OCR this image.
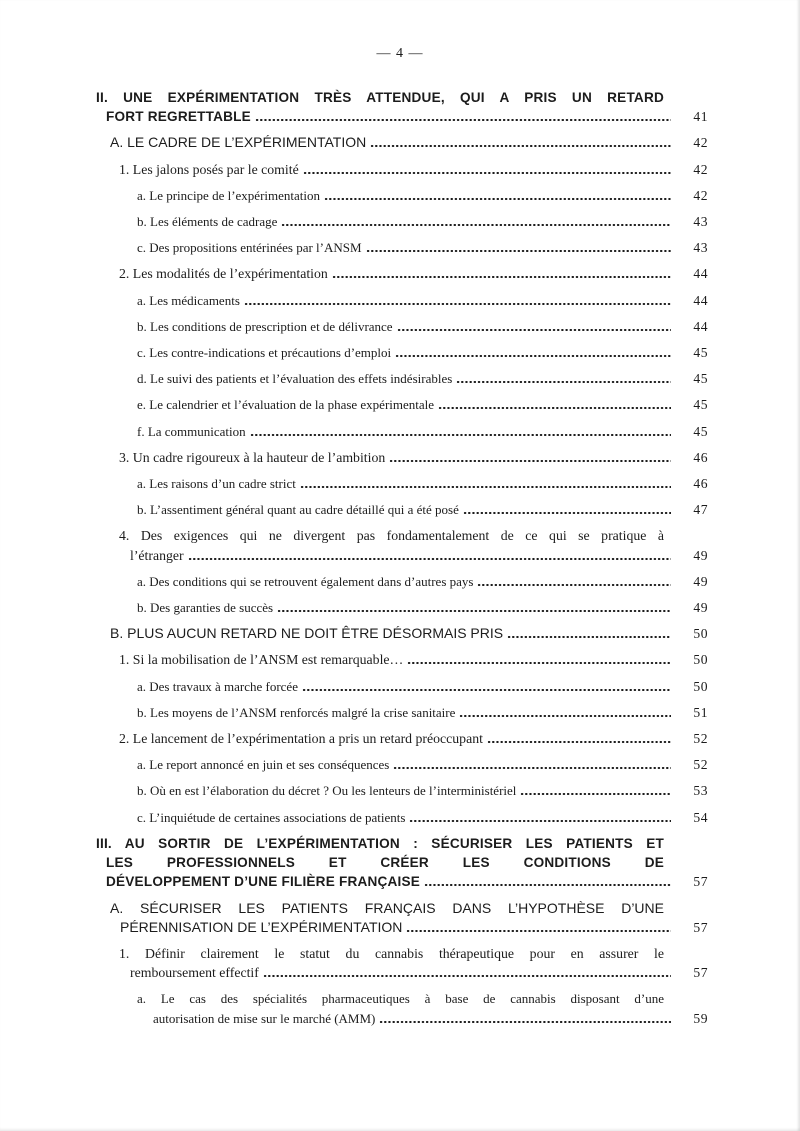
— 4 —
II. UNE EXPÉRIMENTATION TRÈS ATTENDUE, QUI A PRIS UN RETARD
FORT REGRETTABLE	41
A. LE CADRE DE L’EXPÉRIMENTATION	42
1. Les jalons posés par le comité	42
a. Le principe de l’expérimentation	42
b. Les éléments de cadrage	43
c. Des propositions entérinées par l’ANSM	43
2. Les modalités de l’expérimentation	44
a. Les médicaments	44
b. Les conditions de prescription et de délivrance	44
c. Les contre-indications et précautions d’emploi	45
d. Le suivi des patients et l’évaluation des effets indésirables	45
e. Le calendrier et l’évaluation de la phase expérimentale	45
f. La communication	45
3. Un cadre rigoureux à la hauteur de l’ambition	46
a. Les raisons d’un cadre strict	46
b. L’assentiment général quant au cadre détaillé qui a été posé	47
4. Des exigences qui ne divergent pas fondamentalement de ce qui se pratique à
l’étranger	49
a. Des conditions qui se retrouvent également dans d’autres pays	49
b. Des garanties de succès	49
B. PLUS AUCUN RETARD NE DOIT ÊTRE DÉSORMAIS PRIS	50
1. Si la mobilisation de l’ANSM est remarquable…	50
a. Des travaux à marche forcée	50
b. Les moyens de l’ANSM renforcés malgré la crise sanitaire	51
2. Le lancement de l’expérimentation a pris un retard préoccupant	52
a. Le report annoncé en juin et ses conséquences	52
b. Où en est l’élaboration du décret ? Ou les lenteurs de l’interministériel	53
c. L’inquiétude de certaines associations de patients	54
III. AU SORTIR DE L’EXPÉRIMENTATION : SÉCURISER LES PATIENTS ET
LES PROFESSIONNELS ET CRÉER LES CONDITIONS DE
DÉVELOPPEMENT D’UNE FILIÈRE FRANÇAISE	57
A. SÉCURISER LES PATIENTS FRANÇAIS DANS L’HYPOTHÈSE D’UNE
PÉRENNISATION DE L’EXPÉRIMENTATION	57
1. Définir clairement le statut du cannabis thérapeutique pour en assurer le
remboursement effectif	57
a. Le cas des spécialités pharmaceutiques à base de cannabis disposant d’une
autorisation de mise sur le marché (AMM)	59
